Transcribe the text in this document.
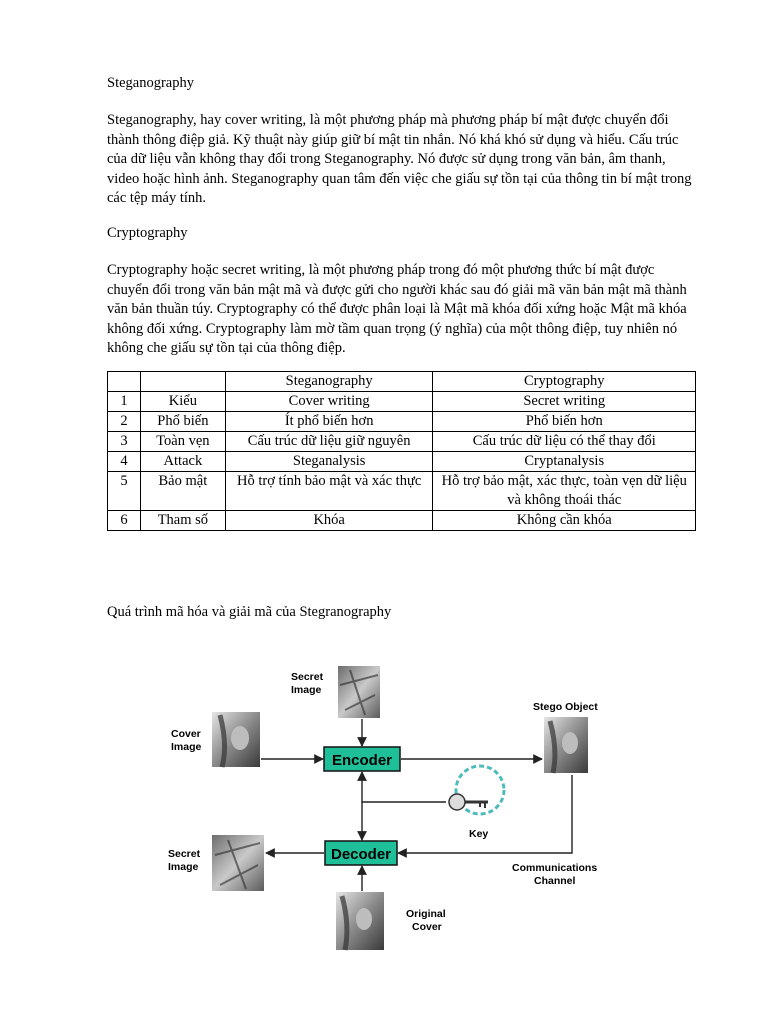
Steganography

Steganography, hay cover writing, là một phương pháp mà phương pháp bí mật được chuyển đổi thành thông điệp giả. Kỹ thuật này giúp giữ bí mật tin nhắn. Nó khá khó sử dụng và hiểu. Cấu trúc của dữ liệu vẫn không thay đổi trong Steganography. Nó được sử dụng trong văn bản, âm thanh, video hoặc hình ảnh. Steganography quan tâm đến việc che giấu sự tồn tại của thông tin bí mật trong các tệp máy tính.

Cryptography

Cryptography hoặc secret writing, là một phương pháp trong đó một phương thức bí mật được chuyển đổi trong văn bản mật mã và được gửi cho người khác sau đó giải mã văn bản mật mã thành văn bản thuần túy. Cryptography có thể được phân loại là Mật mã khóa đối xứng hoặc Mật mã khóa không đối xứng. Cryptography làm mờ tầm quan trọng (ý nghĩa) của một thông điệp, tuy nhiên nó không che giấu sự tồn tại của thông điệp.

		Steganography	Cryptography
1	Kiểu	Cover writing	Secret writing
2	Phổ biến	Ít phổ biến hơn	Phổ biến hơn
3	Toàn vẹn	Cấu trúc dữ liệu giữ nguyên	Cấu trúc dữ liệu có thể thay đổi
4	Attack	Steganalysis	Cryptanalysis
5	Bảo mật	Hỗ trợ tính bảo mật và xác thực	Hỗ trợ bảo mật, xác thực, toàn vẹn dữ liệu và không thoái thác
6	Tham số	Khóa	Không cần khóa

Quá trình mã hóa và giải mã của Stegranography

Encoder
Decoder
Secret
Image
Cover
Image
Stego Object
Key
Secret
Image	Communications
Channel
Original
Cover
